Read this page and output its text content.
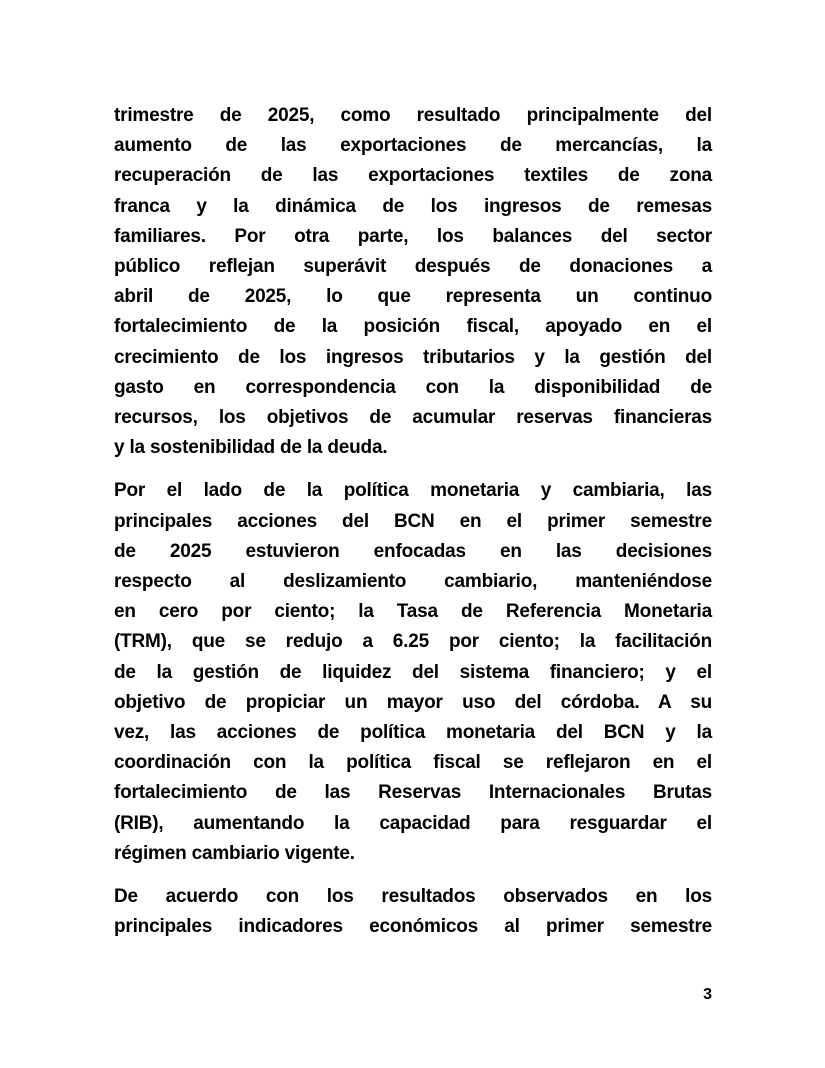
trimestre de 2025, como resultado principalmente del
aumento de las exportaciones de mercancías, la
recuperación de las exportaciones textiles de zona
franca y la dinámica de los ingresos de remesas
familiares. Por otra parte, los balances del sector
público reflejan superávit después de donaciones a
abril de 2025, lo que representa un continuo
fortalecimiento de la posición fiscal, apoyado en el
crecimiento de los ingresos tributarios y la gestión del
gasto en correspondencia con la disponibilidad de
recursos, los objetivos de acumular reservas financieras
y la sostenibilidad de la deuda.

Por el lado de la política monetaria y cambiaria, las
principales acciones del BCN en el primer semestre
de 2025 estuvieron enfocadas en las decisiones
respecto al deslizamiento cambiario, manteniéndose
en cero por ciento; la Tasa de Referencia Monetaria
(TRM), que se redujo a 6.25 por ciento; la facilitación
de la gestión de liquidez del sistema financiero; y el
objetivo de propiciar un mayor uso del córdoba. A su
vez, las acciones de política monetaria del BCN y la
coordinación con la política fiscal se reflejaron en el
fortalecimiento de las Reservas Internacionales Brutas
(RIB), aumentando la capacidad para resguardar el
régimen cambiario vigente.

De acuerdo con los resultados observados en los
principales indicadores económicos al primer semestre

3
